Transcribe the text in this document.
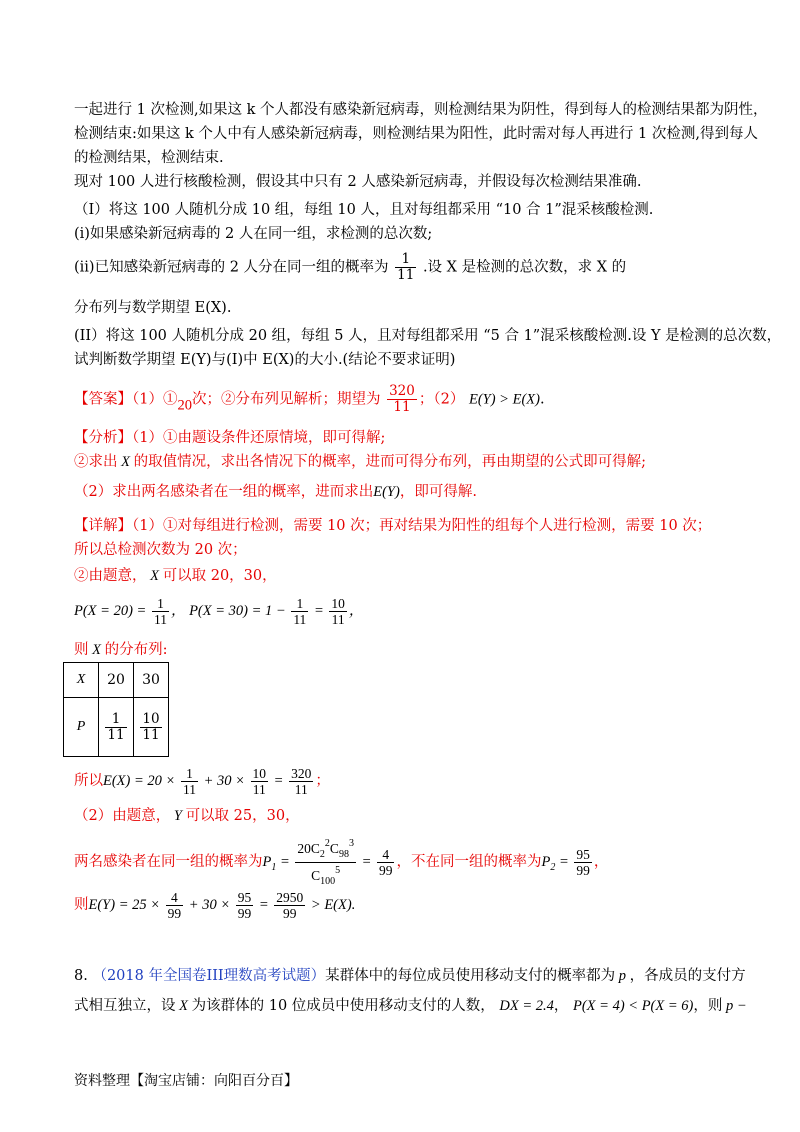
一起进行 1 次检测,如果这 k 个人都没有感染新冠病毒，则检测结果为阴性，得到每人的检测结果都为阴性，
检测结束:如果这 k 个人中有人感染新冠病毒，则检测结果为阳性，此时需对每人再进行 1 次检测,得到每人
的检测结果，检测结束.
现对 100 人进行核酸检测，假设其中只有 2 人感染新冠病毒，并假设每次检测结果准确.
（I）将这 100 人随机分成 10 组，每组 10 人，且对每组都采用 “10 合 1”混采核酸检测.
(i)如果感染新冠病毒的 2 人在同一组，求检测的总次数;
(ii)已知感染新冠病毒的 2 人分在同一组的概率为 $\frac{1}{11}$ .设 X 是检测的总次数，求 X 的
分布列与数学期望 E(X).
(II）将这 100 人随机分成 20 组，每组 5 人，且对每组都采用 “5 合 1”混采核酸检测.设 Y 是检测的总次数，
试判断数学期望 E(Y)与(I)中 E(X)的大小.(结论不要求证明)
【答案】（1）①20次；②分布列见解析；期望为 $\frac{320}{11}$ ；（2） E(Y) > E(X).
【分析】（1）①由题设条件还原情境，即可得解;
②求出 X 的取值情况，求出各情况下的概率，进而可得分布列，再由期望的公式即可得解;
（2）求出两名感染者在一组的概率，进而求出E(Y)，即可得解.
【详解】（1）①对每组进行检测，需要 10 次；再对结果为阳性的组每个人进行检测，需要 10 次；
所以总检测次数为 20 次；
②由题意， X 可以取 20，30，
$P(X = 20) = \frac{1}{11}$ ， $P(X = 30) = 1 - \frac{1}{11} = \frac{10}{11}$ ，
则 X 的分布列:
X	20	30
P	$\frac{1}{11}$	$\frac{10}{11}$
所以$E(X) = 20 \times \frac{1}{11} + 30 \times \frac{10}{11} = \frac{320}{11}$ ；
（2）由题意， Y 可以取 25，30，
两名感染者在同一组的概率为$P_1 = \frac{20C_2^2C_{98}^3}{C_{100}^5} = \frac{4}{99}$ ，不在同一组的概率为$P_2 = \frac{95}{99}$ ，
则$E(Y) = 25 \times \frac{4}{99} + 30 \times \frac{95}{99} = \frac{2950}{99} > E(X)$.
8. （2018 年全国卷III理数高考试题）某群体中的每位成员使用移动支付的概率都为 p ，各成员的支付方
式相互独立，设 X 为该群体的 10 位成员中使用移动支付的人数， DX = 2.4， P(X = 4) < P(X = 6)，则 p −
资料整理【淘宝店铺：向阳百分百】
